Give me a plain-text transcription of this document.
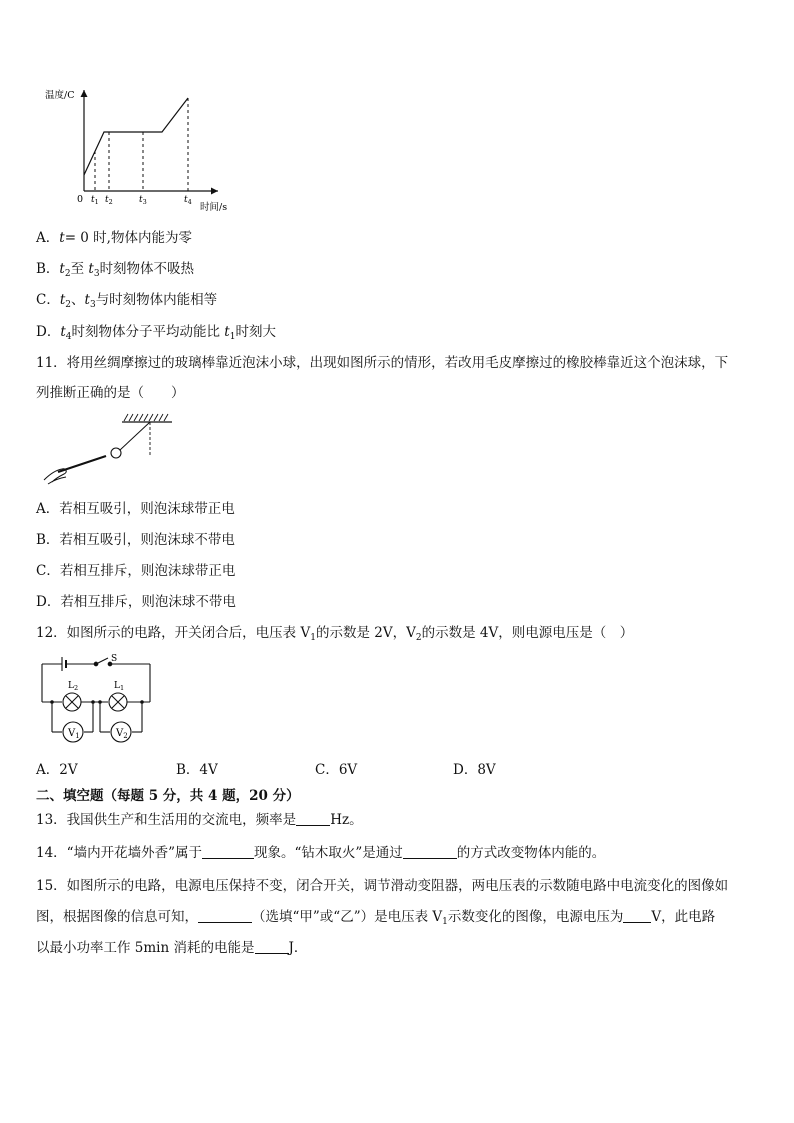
温度/C
时间/s
0 $t_1$ $t_2$	$t_3$	$t_4$
A．t= 0 时,物体内能为零
B．$t_2$至 $t_3$时刻物体不吸热
C．$t_2$、$t_3$与时刻物体内能相等
D．$t_4$时刻物体分子平均动能比 $t_1$时刻大
11．将用丝绸摩擦过的玻璃棒靠近泡沫小球，出现如图所示的情形，若改用毛皮摩擦过的橡胶棒靠近这个泡沫球，下
列推断正确的是（　　）
A．若相互吸引，则泡沫球带正电
B．若相互吸引，则泡沫球不带电
C．若相互排斥，则泡沫球带正电
D．若相互排斥，则泡沫球不带电
12．如图所示的电路，开关闭合后，电压表 $V_1$的示数是 2V，$V_2$的示数是 4V，则电源电压是（　）
S
$L_2$	$L_1$
$V_1$	$V_2$
A．2V	B．4V	C．6V	D．8V
二、填空题（每题 5 分，共 4 题，20 分）
13．我国供生产和生活用的交流电，频率是	Hz。
14．“墙内开花墙外香”属于	现象。“钻木取火”是通过	的方式改变物体内能的。
15．如图所示的电路，电源电压保持不变，闭合开关，调节滑动变阻器，两电压表的示数随电路中电流变化的图像如
图，根据图像的信息可知，	（选填“甲”或“乙”）是电压表 $V_1$示数变化的图像，电源电压为 V，此电路
以最小功率工作 5min 消耗的电能是	J．
